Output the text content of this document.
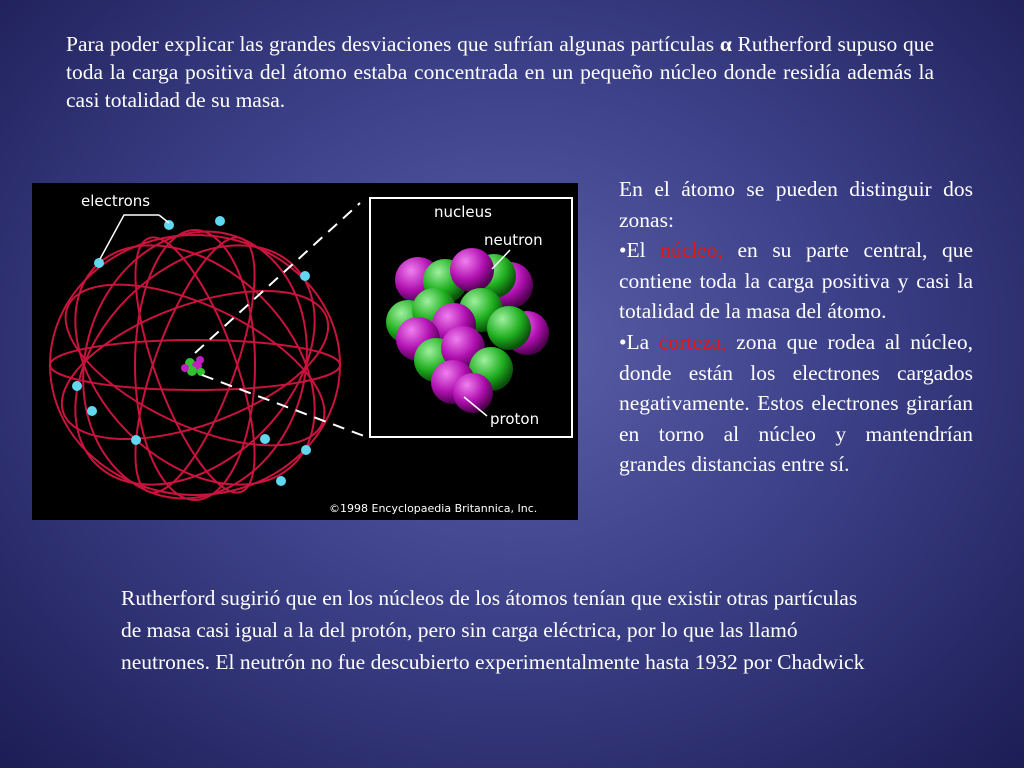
Para poder explicar las grandes desviaciones que sufrían algunas partículas α Rutherford supuso que toda la carga positiva del átomo estaba concentrada en un pequeño núcleo donde residía además la casi totalidad de su masa.
electrons
nucleus
neutron
proton
©1998 Encyclopaedia Britannica, Inc.

En el átomo se pueden distinguir dos zonas:

•El núcleo, en su parte central, que contiene toda la carga positiva y casi la totalidad de la masa del átomo.

•La corteza, zona que rodea al núcleo, donde están los electrones cargados negativamente. Estos electrones girarían en torno al núcleo y mantendrían grandes distancias entre sí.

Rutherford sugirió que en los núcleos de los átomos tenían que existir otras partículas de masa casi igual a la del protón, pero sin carga eléctrica, por lo que las llamó neutrones. El neutrón no fue descubierto experimentalmente hasta 1932 por Chadwick
